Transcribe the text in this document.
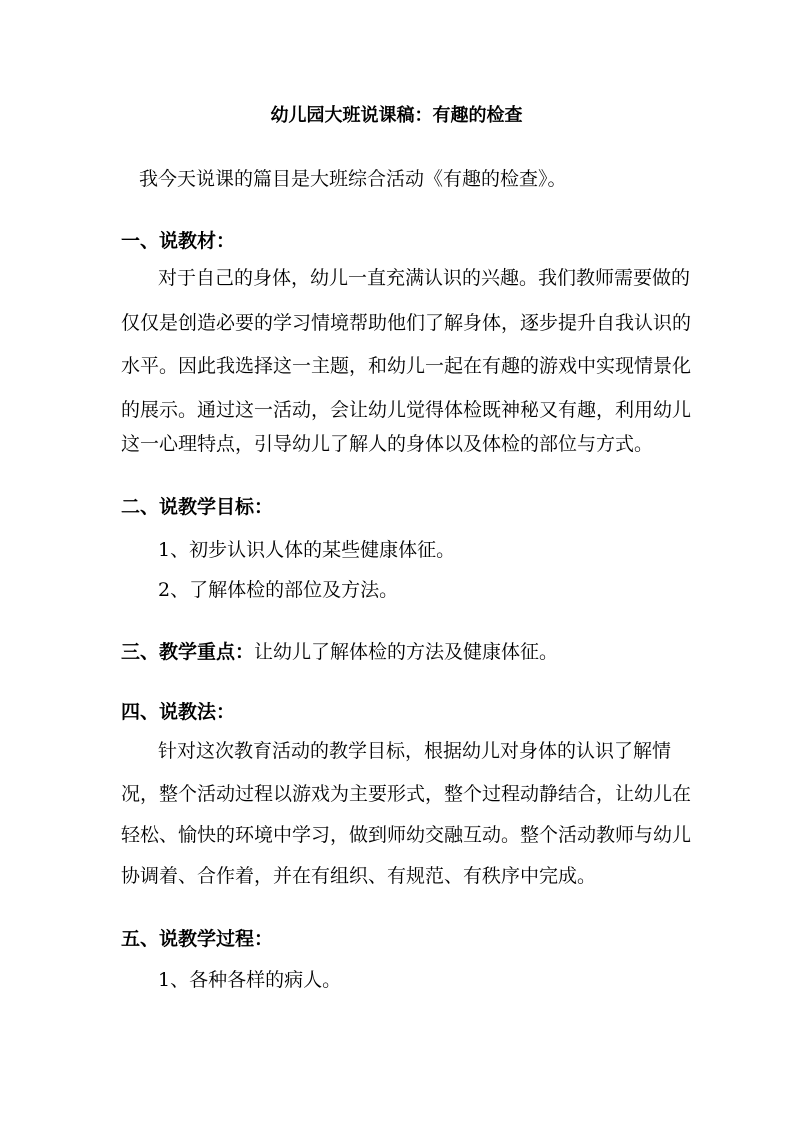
幼儿园大班说课稿：有趣的检查
我今天说课的篇目是大班综合活动《有趣的检查》。
一、说教材：
对于自己的身体，幼儿一直充满认识的兴趣。我们教师需要做的
仅仅是创造必要的学习情境帮助他们了解身体，逐步提升自我认识的
水平。因此我选择这一主题，和幼儿一起在有趣的游戏中实现情景化
的展示。通过这一活动，会让幼儿觉得体检既神秘又有趣，利用幼儿
这一心理特点，引导幼儿了解人的身体以及体检的部位与方式。
二、说教学目标：
1、初步认识人体的某些健康体征。
2、了解体检的部位及方法。
三、教学重点：让幼儿了解体检的方法及健康体征。
四、说教法：
针对这次教育活动的教学目标，根据幼儿对身体的认识了解情
况，整个活动过程以游戏为主要形式，整个过程动静结合，让幼儿在
轻松、愉快的环境中学习，做到师幼交融互动。整个活动教师与幼儿
协调着、合作着，并在有组织、有规范、有秩序中完成。
五、说教学过程：
1、各种各样的病人。
